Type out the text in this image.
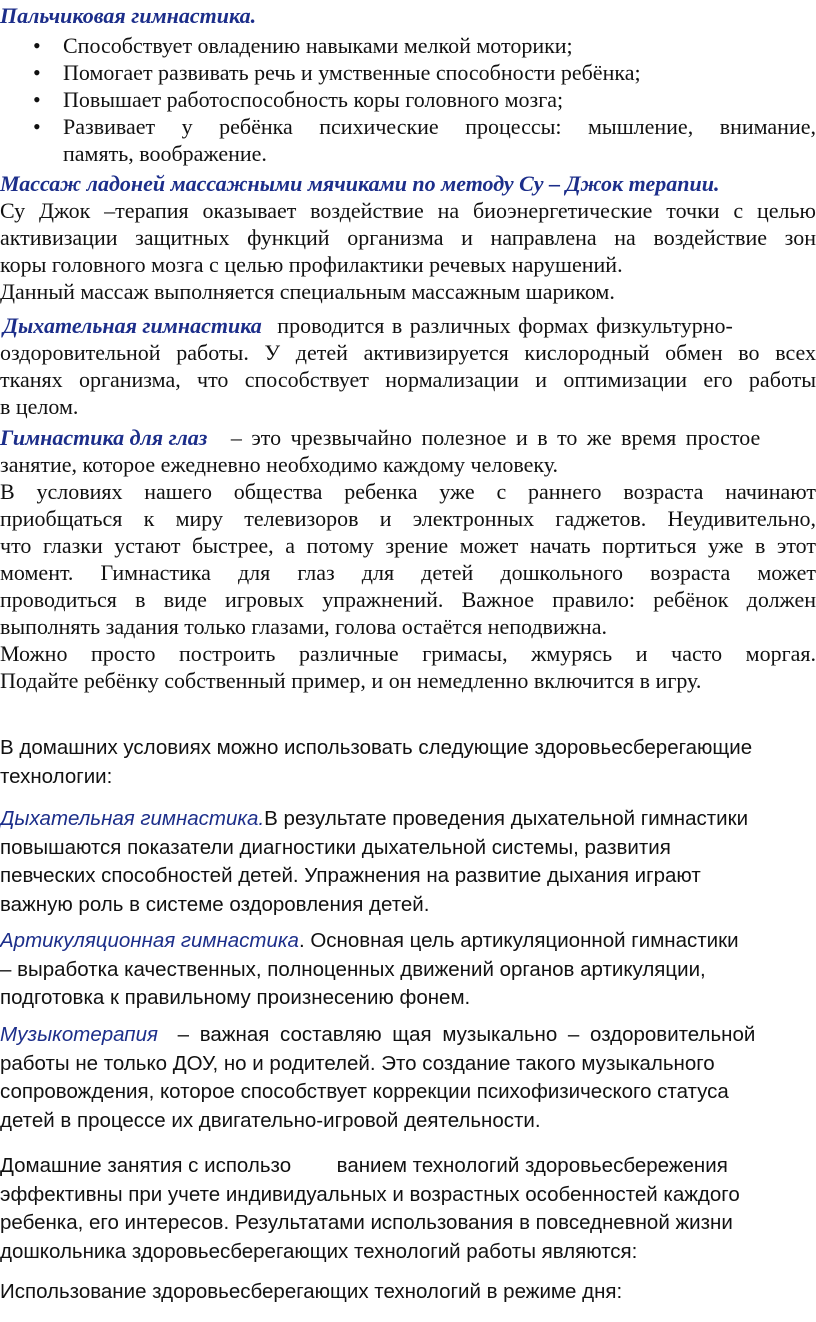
Пальчиковая гимнастика.
• Способствует овладению навыками мелкой моторики;
• Помогает развивать речь и умственные способности ребёнка;
• Повышает работоспособность коры головного мозга;
• Развивает у ребёнка психические процессы: мышление, внимание,
память, воображение.
Массаж ладоней массажными мячиками по методу Су – Джок терапии.
Су Джок –терапия оказывает воздействие на биоэнергетические точки с целью
активизации защитных функций организма и направлена на воздействие зон
коры головного мозга с целью профилактики речевых нарушений.
Данный массаж выполняется специальным массажным шариком.
Дыхательная гимнастика проводится в различных формах физкультурно-
оздоровительной работы. У детей активизируется кислородный обмен во всех
тканях организма, что способствует нормализации и оптимизации его работы
в целом.
Гимнастика для глаз – это чрезвычайно полезное и в то же время простое
занятие, которое ежедневно необходимо каждому человеку.
В условиях нашего общества ребенка уже с раннего возраста начинают
приобщаться к миру телевизоров и электронных гаджетов. Неудивительно,
что глазки устают быстрее, а потому зрение может начать портиться уже в этот
момент. Гимнастика для глаз для детей дошкольного возраста может
проводиться в виде игровых упражнений. Важное правило: ребёнок должен
выполнять задания только глазами, голова остаётся неподвижна.
Можно просто построить различные гримасы, жмурясь и часто моргая.
Подайте ребёнку собственный пример, и он немедленно включится в игру.
В домашних условиях можно использовать следующие здоровьесберегающие
технологии:
Дыхательная гимнастика.В результате проведения дыхательной гимнастики
повышаются показатели диагностики дыхательной системы, развития
певческих способностей детей. Упражнения на развитие дыхания играют
важную роль в системе оздоровления детей.
Артикуляционная гимнастика. Основная цель артикуляционной гимнастики
– выработка качественных, полноценных движений органов артикуляции,
подготовка к правильному произнесению фонем.
Музыкотерапия – важная составляю щая музыкально – оздоровительной
работы не только ДОУ, но и родителей. Это создание такого музыкального
сопровождения, которое способствует коррекции психофизического статуса
детей в процессе их двигательно-игровой деятельности.
Домашние занятия с использо        ванием технологий здоровьесбережения
эффективны при учете индивидуальных и возрастных особенностей каждого
ребенка, его интересов. Результатами использования в повседневной жизни
дошкольника здоровьесберегающих технологий работы являются:
Использование здоровьесберегающих технологий в режиме дня:
